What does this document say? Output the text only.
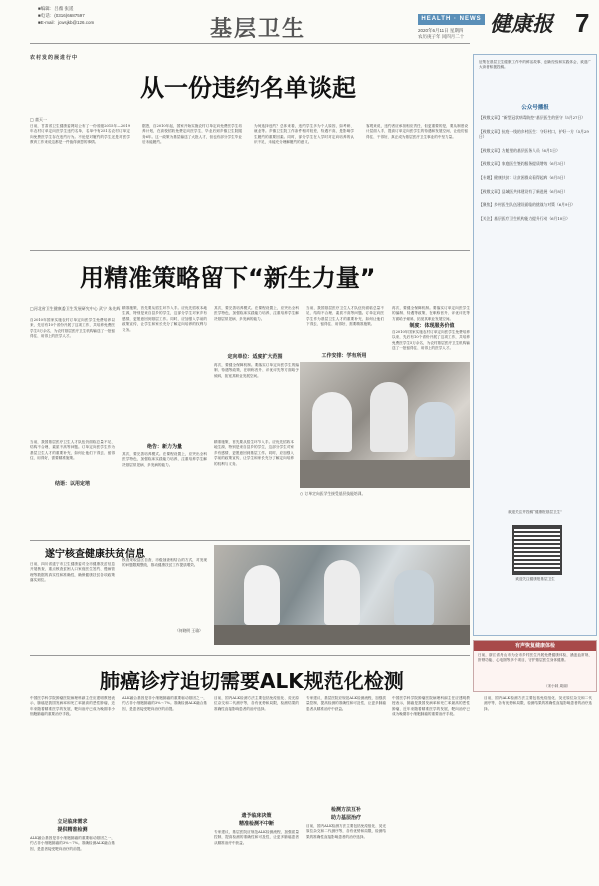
■编辑：吕薇 张遥
■电话：(0316)6687597
■E-mail：jcwsjkb@126.com	基层卫生	HEALTH · NEWS 健康报 7
2020年6月11日 星期四
农历庚子年 闰四月二十
农村发的展进行中
从一份违约名单谈起
□ 童天一
日前，甘肃省卫生健康委网站公布了一份省级2015年—2019年农村订单定向医学生违约名单，名单中有251名农村订单定向免费医学生存在违约行为。不论是对履约的学生还是对医学教育工作来说这都是一件值得深思的事情。
据悉，自2010年起，国家开始实施农村订单定向免费医学生培养计划，在高校招收免费定向医学生，毕业后到乡镇卫生院服务6年。这一政策为基层输送了大批人才，但也有部分学生毕业后未能履约。
为何选择违约？总体来看，违约学生多为个人原因，如考研、就业等。乡镇卫生院工作条件相对较差，待遇不高，是影响学生履约的重要因素。同时，部分学生在入学时对定向培养的认识不足，未能充分理解履约的意义。
客观来说，违约者应承担相应责任，但更重要的是，要从制度设计层面入手，提高订单定向医学生的待遇和发展空间，让他们留得住、干得好，真正成为基层医疗卫生事业的中坚力量。
用精准策略留下“新生力量”
□河北省卫生健康委卫生发展研究中心 武宁 朱先辉
自2010年国家实施农村订单定向医学生免费培养以来，先后有10个省份开展了这项工作，共培养免费医学生5万余名，为农村基层医疗卫生机构输送了一批留得住、用得上的医学人才。
当前，我国基层医疗卫生人才队伍仍面临总量不足、结构不合理、素质不高等问题。订单定向医学生作为基层卫生人才的重要补充，如何让他们下得去、留得住、用得好，需要精准施策。
结语：以用定培
精准施策，首先要从招生环节入手。应优先招收本地生源，特别是来自县乡的学生，这部分学生对家乡有感情，更愿意回到基层工作。同时，应加强入学前的政策宣传，让学生和家长充分了解定向培养的权利与义务。
定向单位：适度扩大范围
其次，要完善培养模式。在课程设置上，应突出全科医学特色，加强临床实践能力培养，注重培养学生解决基层常见病、多发病的能力。
再次，要健全保障机制。要落实订单定向医学生的编制、待遇等政策，在职称晋升、评优评先等方面给予倾斜，拓宽其职业发展空间。
工作安排：学有所用
制度：体现服务价值
当前，我国基层医疗卫生人才队伍仍面临总量不足、结构不合理、素质不高等问题。订单定向医学生作为基层卫生人才的重要补充，如何让他们下得去、留得住、用得好，需要精准施策。
再次，要健全保障机制。要落实订单定向医学生的编制、待遇等政策，在职称晋升、评优评先等方面给予倾斜，拓宽其职业发展空间。
自2010年国家实施农村订单定向医学生免费培养以来，先后有10个省份开展了这项工作，共培养免费医学生5万余名，为农村基层医疗卫生机构输送了一批留得住、用得上的医学人才。
○ 订单定向医学生接受基层技能培训。
绝告：新力为量
其次，要完善培养模式。在课程设置上，应突出全科医学特色，加强临床实践能力培养，注重培养学生解决基层常见病、多发病的能力。
精准施策，首先要从招生环节入手。应优先招收本地生源，特别是来自县乡的学生，这部分学生对家乡有感情，更愿意回到基层工作。同时，应加强入学前的政策宣传，让学生和家长充分了解定向培养的权利与义务。
遂宁核查健康扶贫信息
日前，四川省遂宁市卫生健康委对全市健康扶贫信息开展核查，重点核查贫困人口家庭医生签约、慢病管理等数据的真实性和准确性，确保健康扶贫各项政策落实到位。
核查采取县区自查、市级抽查相结合的方式，对发现的问题限期整改，推动健康扶贫工作提质增效。
（何晓明 王瑜）
肺癌诊疗迫切需要ALK规范化检测
中国医学科学院肿瘤医院病理科副主任应建明教授表示，肺癌是我国发病率和死亡率最高的恶性肿瘤，近年来随着精准医学的发展，靶向治疗已成为晚期非小细胞肺癌的重要治疗手段。
立足临床需求
提供精准检测
ALK融合基因是非小细胞肺癌的重要驱动基因之一，约占非小细胞肺癌的3%～7%。准确检测ALK融合基因，是患者接受靶向治疗的前提。
ALK融合基因是非小细胞肺癌的重要驱动基因之一，约占非小细胞肺癌的3%～7%。准确检测ALK融合基因，是患者接受靶向治疗的前提。
目前，国内ALK检测方法主要包括免疫组化、荧光原位杂交和二代测序等，各有优势和局限，检测结果的准确性直接影响患者的治疗选择。
遗予临床决策
精准检测不中断
专家建议，基层医院应规范ALK检测流程，加强质量控制，提高检测的准确性和可及性，让更多肺癌患者从精准治疗中获益。
专家建议，基层医院应规范ALK检测流程，加强质量控制，提高检测的准确性和可及性，让更多肺癌患者从精准治疗中获益。
检测方法互补
助力基层治疗
目前，国内ALK检测方法主要包括免疫组化、荧光原位杂交和二代测序等，各有优势和局限，检测结果的准确性直接影响患者的治疗选择。
中国医学科学院肿瘤医院病理科副主任应建明教授表示，肺癌是我国发病率和死亡率最高的恶性肿瘤，近年来随着精准医学的发展，靶向治疗已成为晚期非小细胞肺癌的重要治疗手段。
目前，国内ALK检测方法主要包括免疫组化、荧光原位杂交和二代测序等，各有优势和局限，检测结果的准确性直接影响患者的治疗选择。
征集在基层卫生健康工作中的鲜活故事、创新经验和实践体会，欢迎广大读者积极投稿。
公众号播报
【致敬文章】“新型冠状病毒防控”基层医生的坚守（5月27日）
【致敬文章】抗疫一线的乡村医生：守好村口，护好一方（5月29日）
【致敬文章】方舱里的基层医务人员（6月1日）
【致敬文章】家庭医生签约服务提质增效（6月3日）
【专题】健康扶贫：让贫困群众看得起病（6月5日）
【致敬文章】县域医共体建设有了新进展（6月8日）
【聚焦】乡村医生队伍建设面临的挑战与对策（6月9日）
【关注】基层医疗卫生机构能力提升行动（6月10日）
欢迎关注并投稿“健康报基层卫生”
欢迎关注健康报基层卫生
有声恢复健康体检
日前，浙江省舟山市为全市乡村医生开展免费健康体检，涵盖血常规、肝肾功能、心电图等多个项目，守护基层医生身体健康。
（宋小妹 周丽）
